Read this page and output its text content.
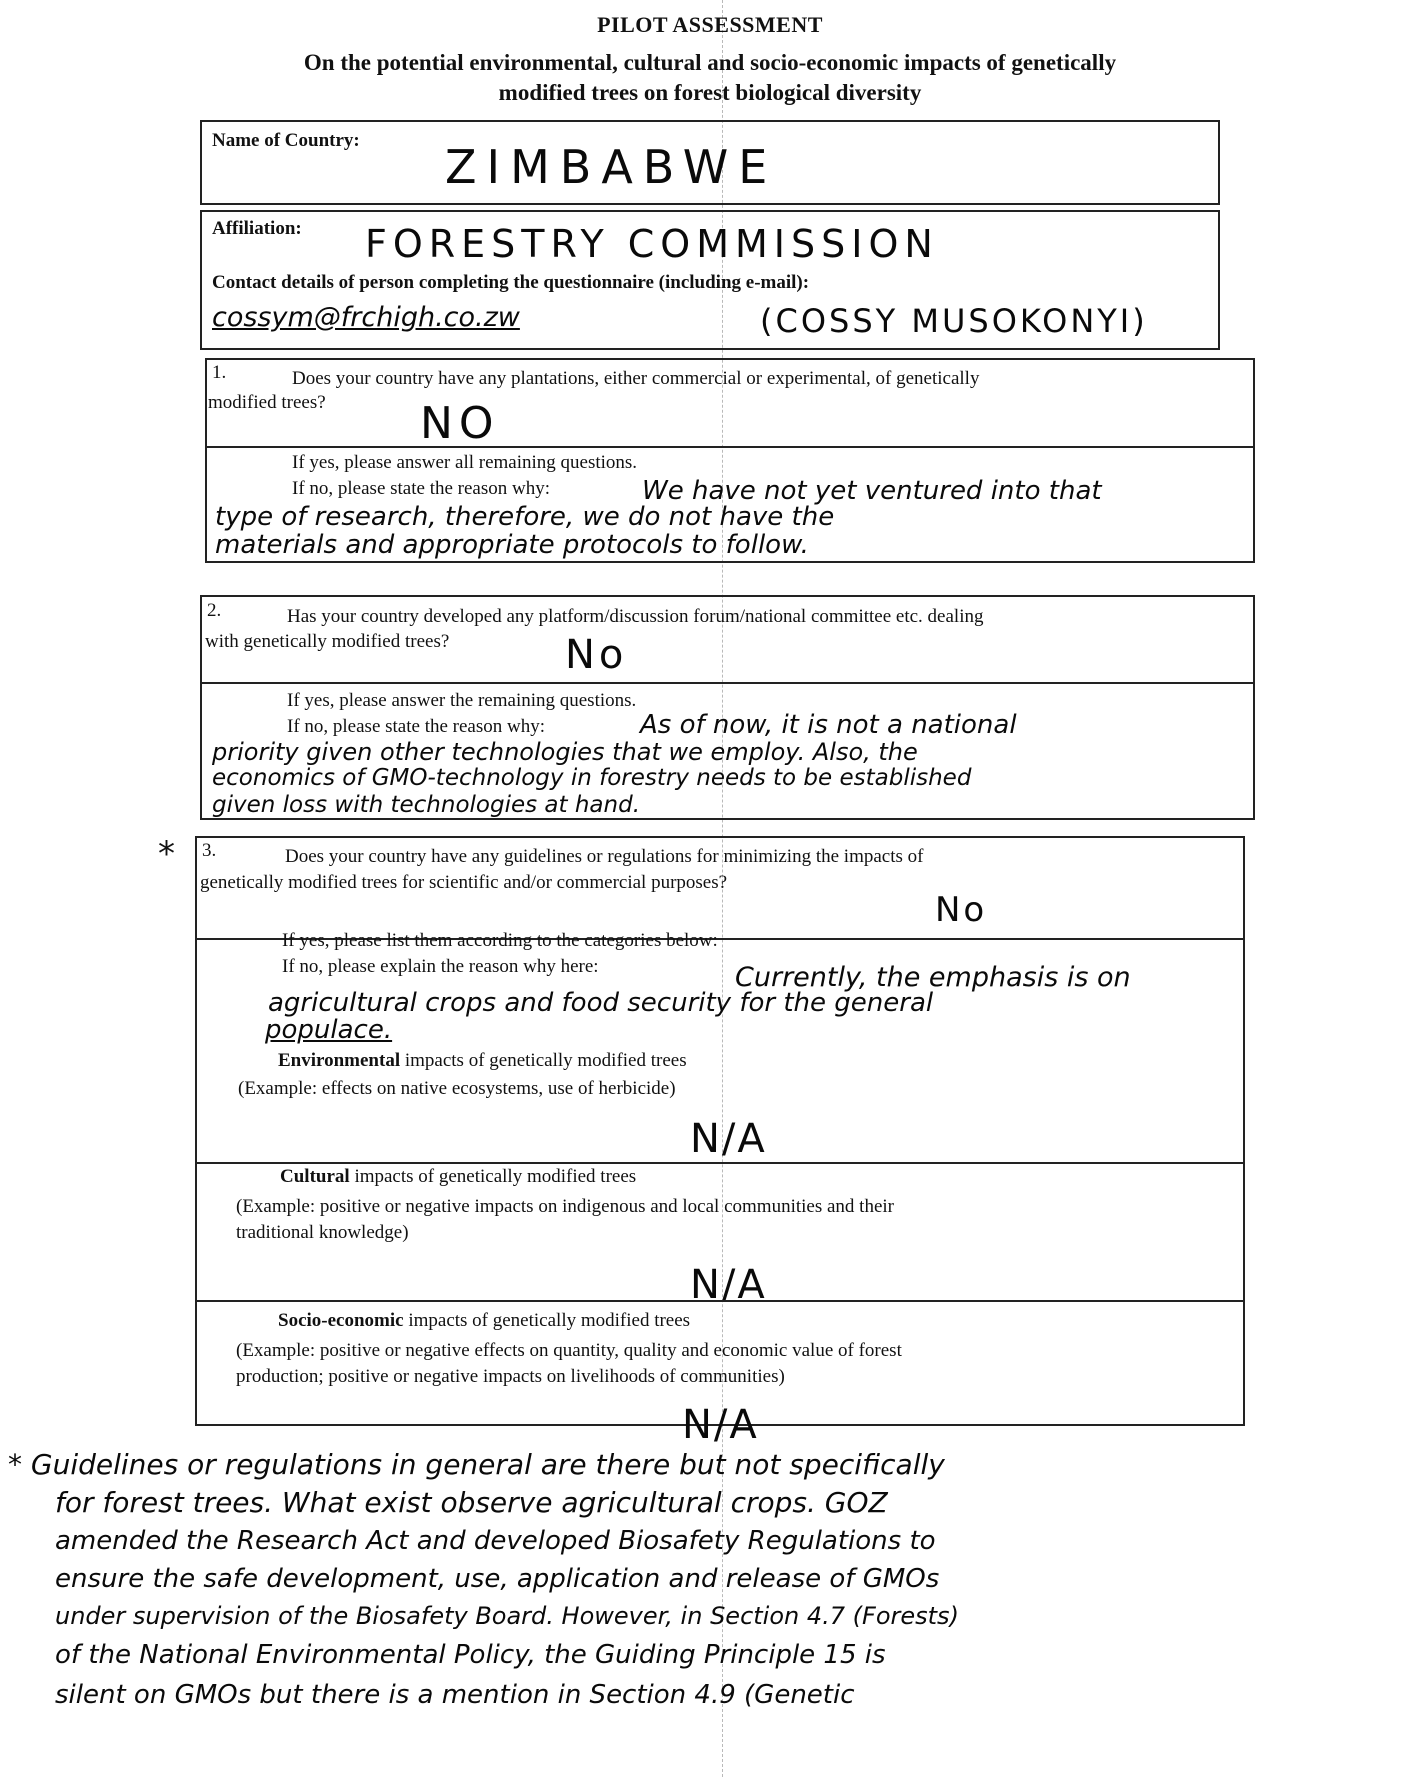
PILOT ASSESSMENT
On the potential environmental, cultural and socio-economic impacts of genetically
modified trees on forest biological diversity
Name of Country: ZIMBABWE
Affiliation: FORESTRY COMMISSION
Contact details of person completing the questionnaire (including e-mail):
cossym@frchigh.co.zw	(COSSY MUSOKONYI)
1.	Does your country have any plantations, either commercial or experimental, of genetically
modified trees? NO
If yes, please answer all remaining questions.
If no, please state the reason why:	We have not yet ventured into that
type of research, therefore, we do not have the
materials and appropriate protocols to follow.
2.	Has your country developed any platform/discussion forum/national committee etc. dealing
with genetically modified trees?	No
If yes, please answer the remaining questions.
If no, please state the reason why:	As of now, it is not a national
priority given other technologies that we employ. Also, the
economics of GMO-technology in forestry needs to be established
given loss with technologies at hand.
* 3.	Does your country have any guidelines or regulations for minimizing the impacts of
genetically modified trees for scientific and/or commercial purposes?
No
If yes, please list them according to the categories below:
If no, please explain the reason why here:	Currently, the emphasis is on
agricultural crops and food security for the general
populace.
Environmental impacts of genetically modified trees
(Example: effects on native ecosystems, use of herbicide)
N/A
Cultural impacts of genetically modified trees
(Example: positive or negative impacts on indigenous and local communities and their
traditional knowledge)
N/A
Socio-economic impacts of genetically modified trees
(Example: positive or negative effects on quantity, quality and economic value of forest
production; positive or negative impacts on livelihoods of communities)
N/A
* Guidelines or regulations in general are there but not specifically
for forest trees. What exist observe agricultural crops. GOZ
amended the Research Act and developed Biosafety Regulations to
ensure the safe development, use, application and release of GMOs
under supervision of the Biosafety Board. However, in Section 4.7 (Forests)
of the National Environmental Policy, the Guiding Principle 15 is
silent on GMOs but there is a mention in Section 4.9 (Genetic
